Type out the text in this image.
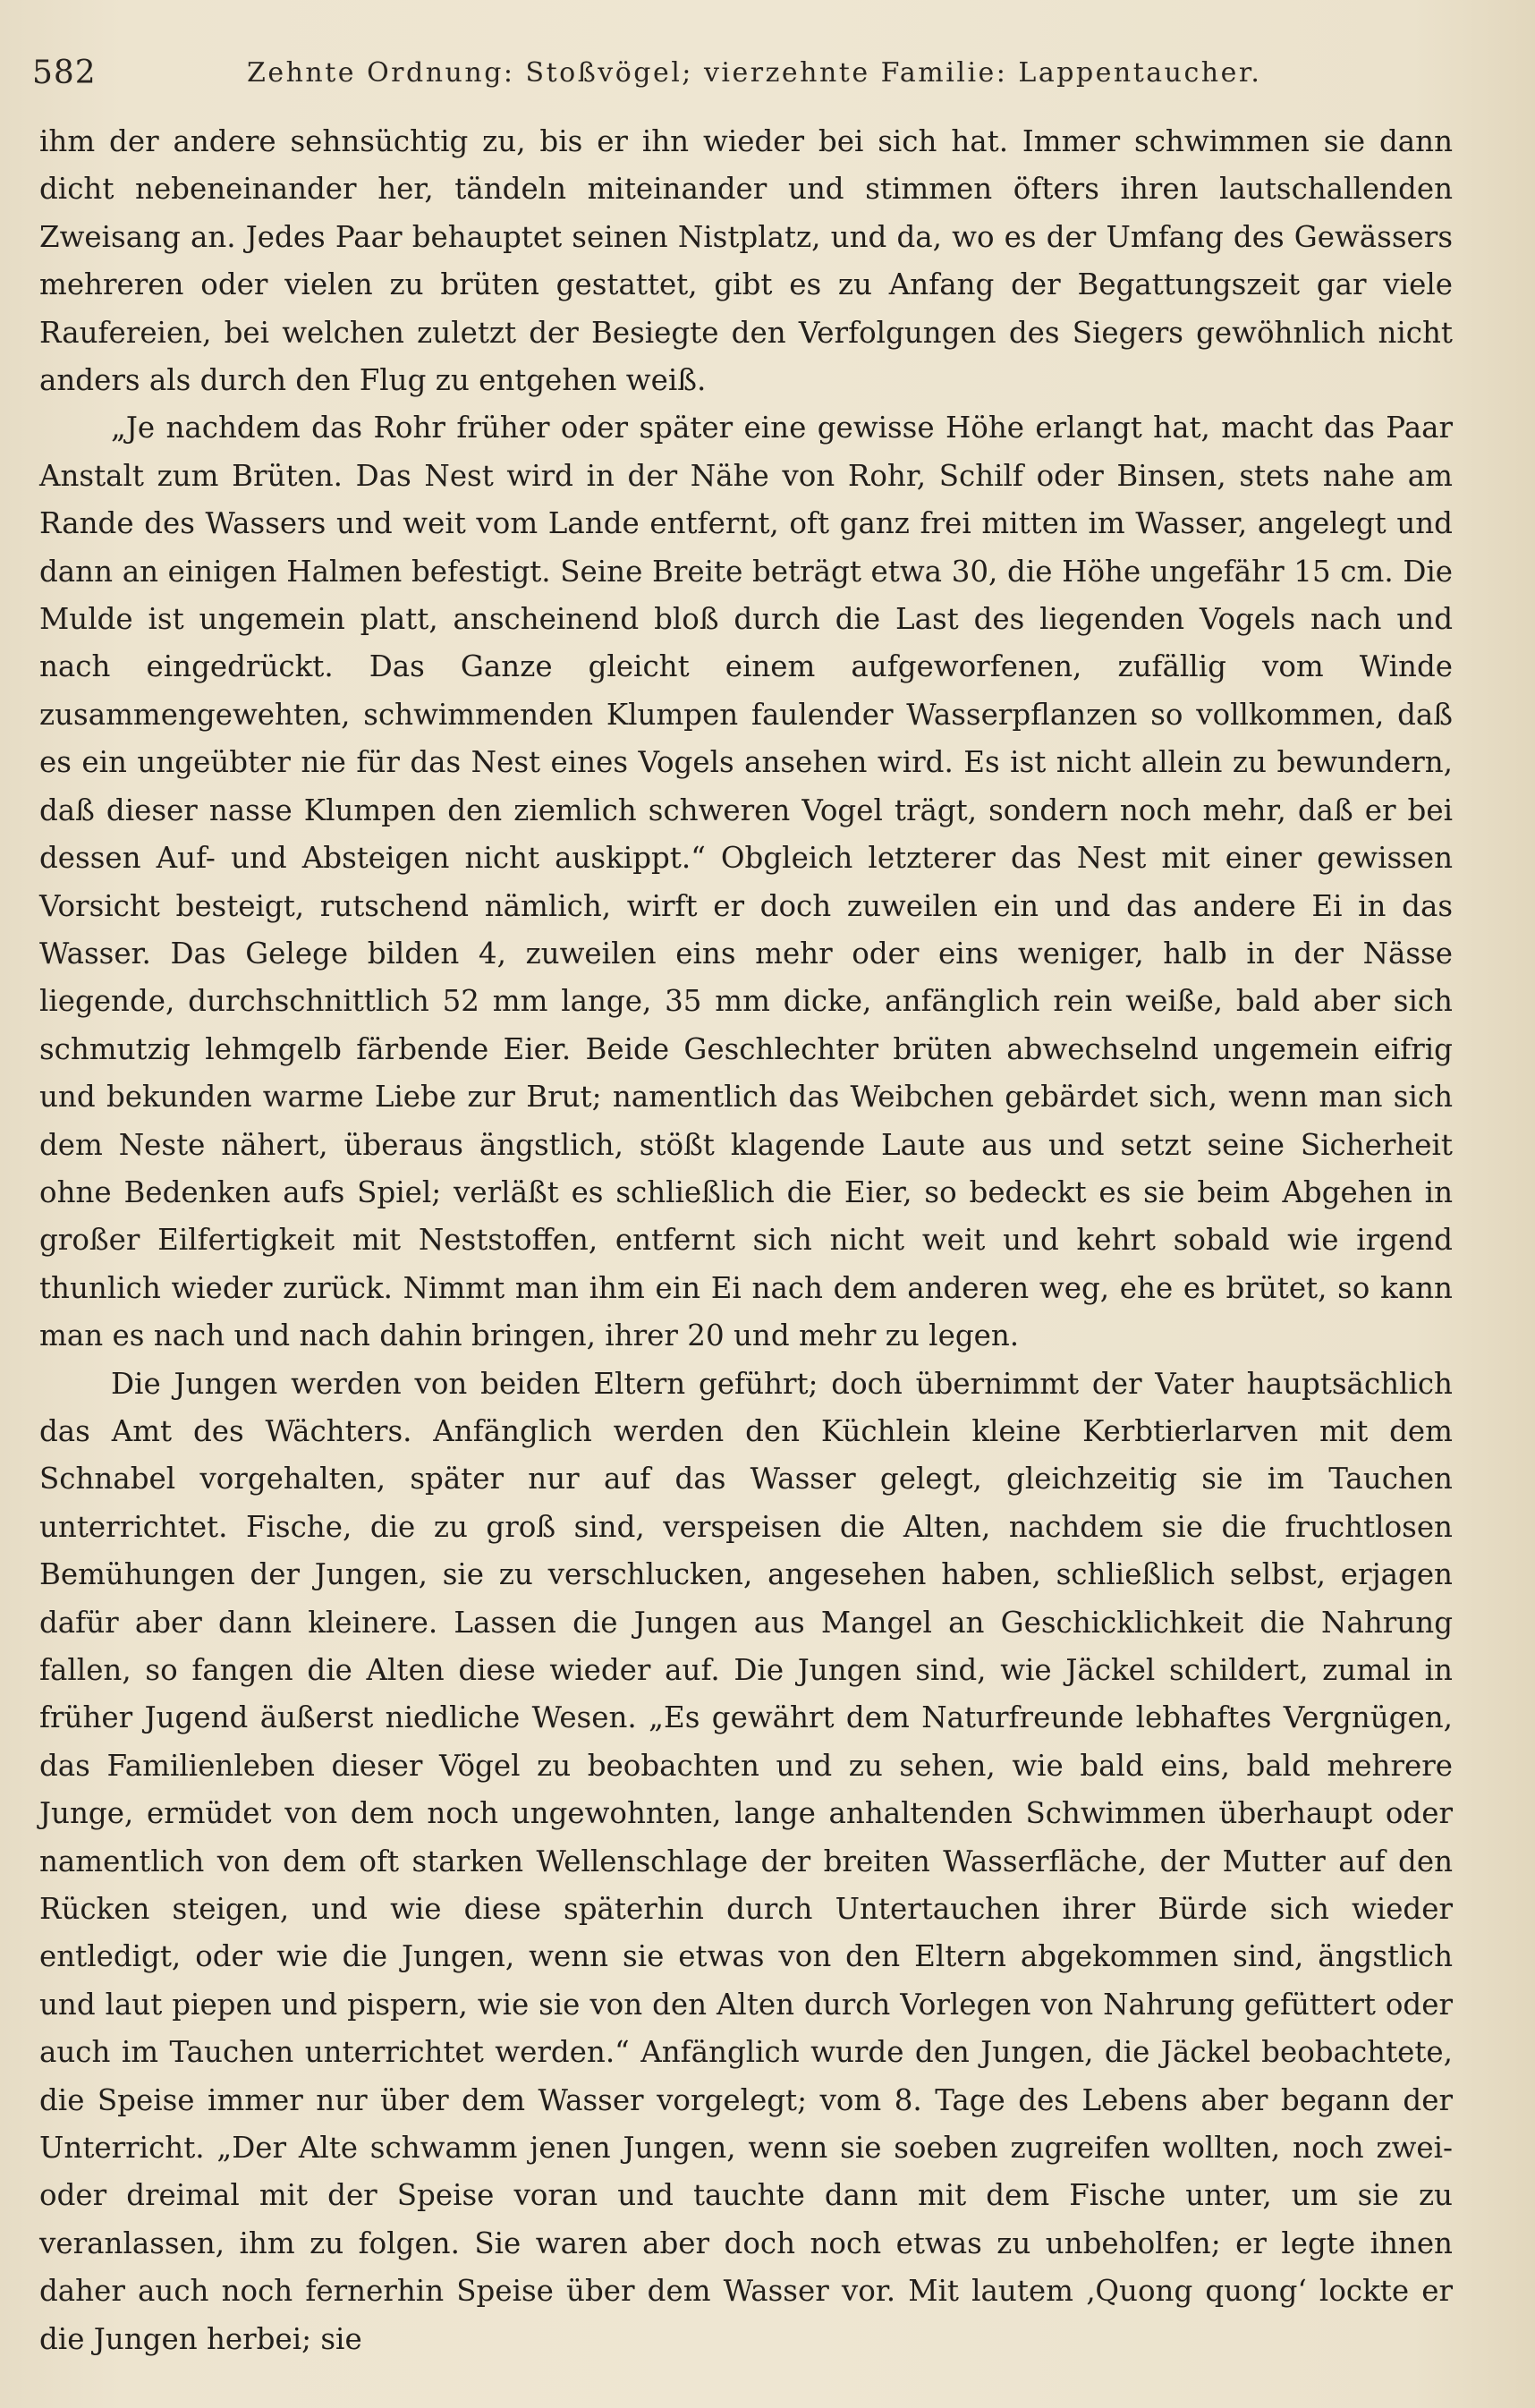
582	Zehnte Ordnung: Stoßvögel; vierzehnte Familie: Lappentaucher.

ihm der andere sehnsüchtig zu, bis er ihn wieder bei sich hat. Immer schwimmen sie dann dicht nebeneinander her, tändeln miteinander und stimmen öfters ihren lautschallenden Zweisang an. Jedes Paar behauptet seinen Nistplatz, und da, wo es der Umfang des Gewässers mehreren oder vielen zu brüten gestattet, gibt es zu Anfang der Begattungszeit gar viele Raufereien, bei welchen zuletzt der Besiegte den Verfolgungen des Siegers gewöhnlich nicht anders als durch den Flug zu entgehen weiß.

„Je nachdem das Rohr früher oder später eine gewisse Höhe erlangt hat, macht das Paar Anstalt zum Brüten. Das Nest wird in der Nähe von Rohr, Schilf oder Binsen, stets nahe am Rande des Wassers und weit vom Lande entfernt, oft ganz frei mitten im Wasser, angelegt und dann an einigen Halmen befestigt. Seine Breite beträgt etwa 30, die Höhe ungefähr 15 cm. Die Mulde ist ungemein platt, anscheinend bloß durch die Last des liegenden Vogels nach und nach eingedrückt. Das Ganze gleicht einem aufgeworfenen, zufällig vom Winde zusammengewehten, schwimmenden Klumpen faulender Wasserpflanzen so vollkommen, daß es ein ungeübter nie für das Nest eines Vogels ansehen wird. Es ist nicht allein zu bewundern, daß dieser nasse Klumpen den ziemlich schweren Vogel trägt, sondern noch mehr, daß er bei dessen Auf- und Absteigen nicht auskippt.“ Obgleich letzterer das Nest mit einer gewissen Vorsicht besteigt, rutschend nämlich, wirft er doch zuweilen ein und das andere Ei in das Wasser. Das Gelege bilden 4, zuweilen eins mehr oder eins weniger, halb in der Nässe liegende, durchschnittlich 52 mm lange, 35 mm dicke, anfänglich rein weiße, bald aber sich schmutzig lehmgelb färbende Eier. Beide Geschlechter brüten abwechselnd ungemein eifrig und bekunden warme Liebe zur Brut; namentlich das Weibchen gebärdet sich, wenn man sich dem Neste nähert, überaus ängstlich, stößt klagende Laute aus und setzt seine Sicherheit ohne Bedenken aufs Spiel; verläßt es schließlich die Eier, so bedeckt es sie beim Abgehen in großer Eilfertigkeit mit Neststoffen, entfernt sich nicht weit und kehrt sobald wie irgend thunlich wieder zurück. Nimmt man ihm ein Ei nach dem anderen weg, ehe es brütet, so kann man es nach und nach dahin bringen, ihrer 20 und mehr zu legen.

Die Jungen werden von beiden Eltern geführt; doch übernimmt der Vater hauptsächlich das Amt des Wächters. Anfänglich werden den Küchlein kleine Kerbtierlarven mit dem Schnabel vorgehalten, später nur auf das Wasser gelegt, gleichzeitig sie im Tauchen unterrichtet. Fische, die zu groß sind, verspeisen die Alten, nachdem sie die fruchtlosen Bemühungen der Jungen, sie zu verschlucken, angesehen haben, schließlich selbst, erjagen dafür aber dann kleinere. Lassen die Jungen aus Mangel an Geschicklichkeit die Nahrung fallen, so fangen die Alten diese wieder auf. Die Jungen sind, wie Jäckel schildert, zumal in früher Jugend äußerst niedliche Wesen. „Es gewährt dem Naturfreunde lebhaftes Vergnügen, das Familienleben dieser Vögel zu beobachten und zu sehen, wie bald eins, bald mehrere Junge, ermüdet von dem noch ungewohnten, lange anhaltenden Schwimmen überhaupt oder namentlich von dem oft starken Wellenschlage der breiten Wasserfläche, der Mutter auf den Rücken steigen, und wie diese späterhin durch Untertauchen ihrer Bürde sich wieder entledigt, oder wie die Jungen, wenn sie etwas von den Eltern abgekommen sind, ängstlich und laut piepen und pispern, wie sie von den Alten durch Vorlegen von Nahrung gefüttert oder auch im Tauchen unterrichtet werden.“ Anfänglich wurde den Jungen, die Jäckel beobachtete, die Speise immer nur über dem Wasser vorgelegt; vom 8. Tage des Lebens aber begann der Unterricht. „Der Alte schwamm jenen Jungen, wenn sie soeben zugreifen wollten, noch zwei- oder dreimal mit der Speise voran und tauchte dann mit dem Fische unter, um sie zu veranlassen, ihm zu folgen. Sie waren aber doch noch etwas zu unbeholfen; er legte ihnen daher auch noch fernerhin Speise über dem Wasser vor. Mit lautem ‚Quong quong‘ lockte er die Jungen herbei; sie
